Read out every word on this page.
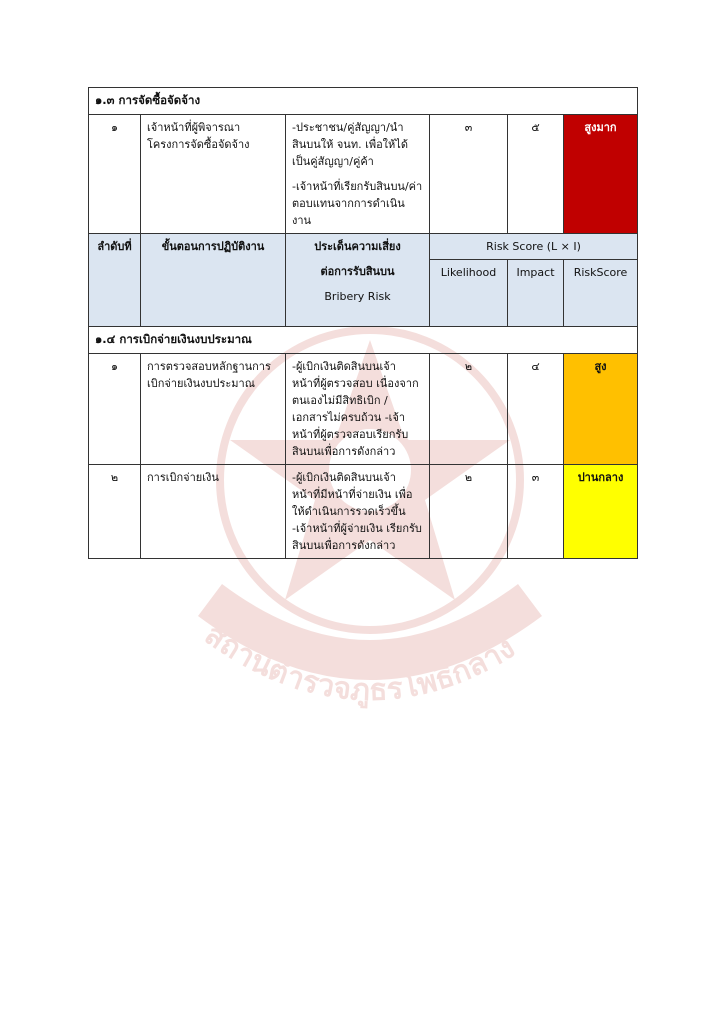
สถานีตำรวจภูธรโพธิ์กลาง
๑.๓ การจัดซื้อจัดจ้าง					
๑	เจ้าหน้าที่ผู้พิจารณาโครงการจัดซื้อจัดจ้าง	-ประชาชน/คู่สัญญา/นำสินบนให้ จนท. เพื่อให้ได้เป็นคู่สัญญา/คู่ค้า
-เจ้าหน้าที่เรียกรับสินบน/ค่าตอบแทนจากการดำเนินงาน	๓	๕	สูงมาก
ลำดับที่	ขั้นตอนการปฏิบัติงาน	ประเด็นความเสี่ยง
ต่อการรับสินบน
Bribery Risk	Risk Score (L × I)		
			Likelihood	Impact	RiskScore
๑.๔ การเบิกจ่ายเงินงบประมาณ					
๑	การตรวจสอบหลักฐานการเบิกจ่ายเงินงบประมาณ	-ผู้เบิกเงินติดสินบนเจ้าหน้าที่ผู้ตรวจสอบ เนื่องจากตนเองไม่มีสิทธิเบิก / เอกสารไม่ครบถ้วน -เจ้าหน้าที่ผู้ตรวจสอบเรียกรับสินบนเพื่อการดังกล่าว	๒	๔	สูง
๒	การเบิกจ่ายเงิน	-ผู้เบิกเงินติดสินบนเจ้าหน้าที่มีหน้าที่จ่ายเงิน เพื่อให้ดำเนินการรวดเร็วขึ้น -เจ้าหน้าที่ผู้จ่ายเงิน เรียกรับสินบนเพื่อการดังกล่าว	๒	๓	ปานกลาง
